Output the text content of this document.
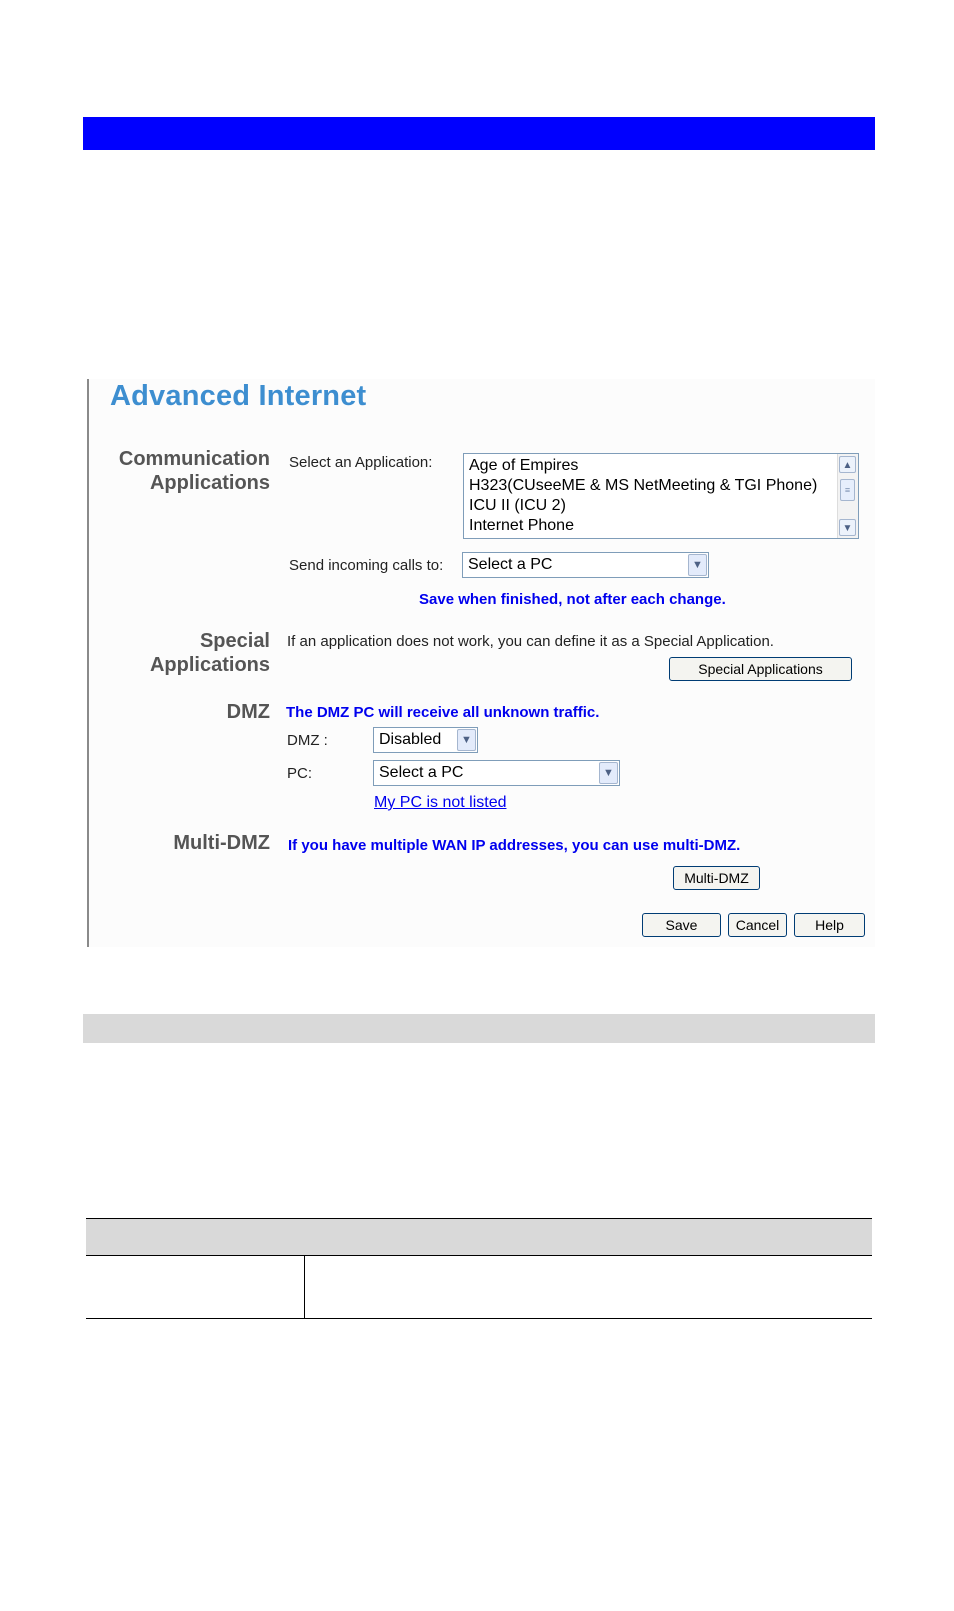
Advanced Internet
Communication
Applications
Select an Application: Age of Empires
H323(CUseeME & MS NetMeeting & TGI Phone)
ICU II (ICU 2)
Internet Phone
▲
≡
▼
Send incoming calls to: Select a PC	▼
Save when finished, not after each change.
Special
Applications
If an application does not work, you can define it as a Special Application.
Special Applications
DMZ The DMZ PC will receive all unknown traffic.
DMZ :	Disabled	▼
PC:	Select a PC	▼
My PC is not listed
Multi-DMZ If you have multiple WAN IP addresses, you can use multi-DMZ.
Multi-DMZ
Save	Cancel	Help
